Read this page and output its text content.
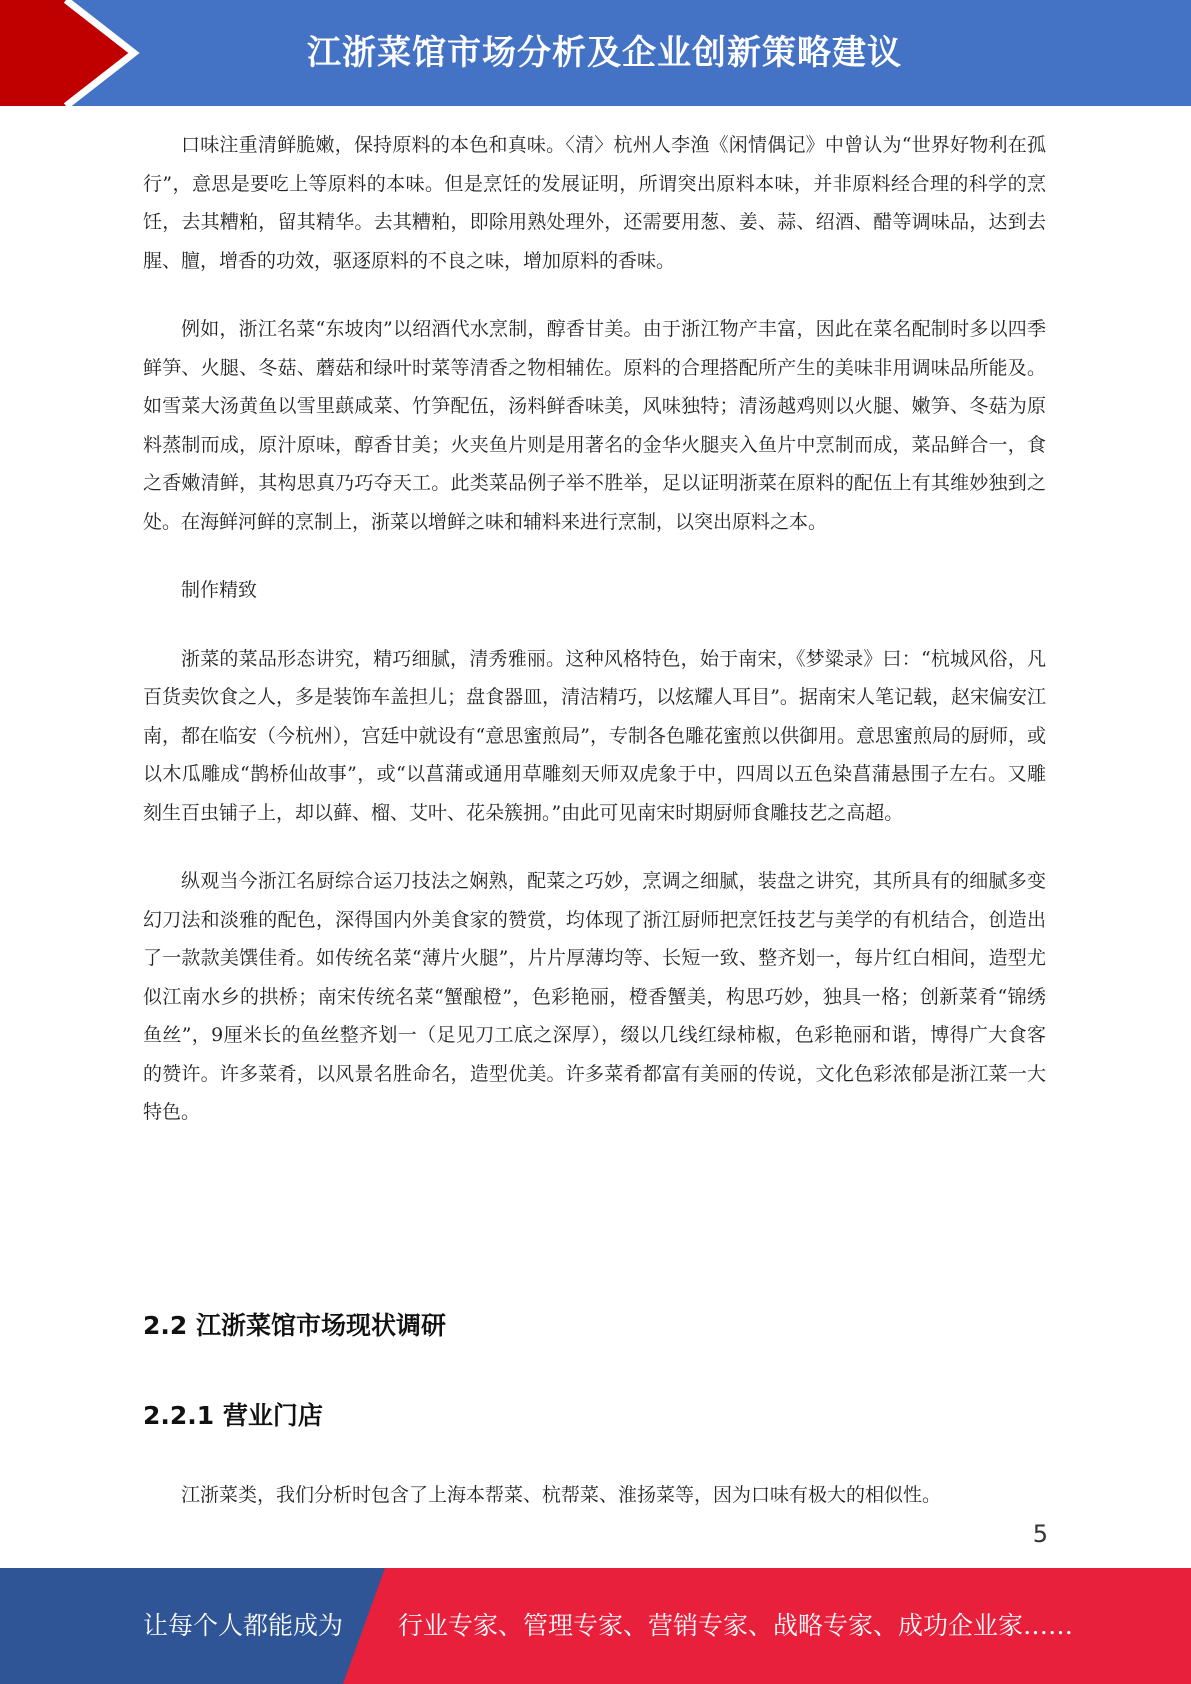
江浙菜馆市场分析及企业创新策略建议

口味注重清鲜脆嫩，保持原料的本色和真味。〈清〉杭州人李渔《闲情偶记》中曾认为“世界好物利在孤行”，意思是要吃上等原料的本味。但是烹饪的发展证明，所谓突出原料本味，并非原料经合理的科学的烹饪，去其糟粕，留其精华。去其糟粕，即除用熟处理外，还需要用葱、姜、蒜、绍酒、醋等调味品，达到去腥、膻，增香的功效，驱逐原料的不良之味，增加原料的香味。

例如，浙江名菜“东坡肉”以绍酒代水烹制，醇香甘美。由于浙江物产丰富，因此在菜名配制时多以四季鲜笋、火腿、冬菇、蘑菇和绿叶时菜等清香之物相辅佐。原料的合理搭配所产生的美味非用调味品所能及。如雪菜大汤黄鱼以雪里蕻咸菜、竹笋配伍，汤料鲜香味美，风味独特；清汤越鸡则以火腿、嫩笋、冬菇为原料蒸制而成，原汁原味，醇香甘美；火夹鱼片则是用著名的金华火腿夹入鱼片中烹制而成，菜品鲜合一，食之香嫩清鲜，其构思真乃巧夺天工。此类菜品例子举不胜举，足以证明浙菜在原料的配伍上有其维妙独到之处。在海鲜河鲜的烹制上，浙菜以增鲜之味和辅料来进行烹制，以突出原料之本。

制作精致

浙菜的菜品形态讲究，精巧细腻，清秀雅丽。这种风格特色，始于南宋，《梦粱录》曰：“杭城风俗，凡百货卖饮食之人，多是装饰车盖担儿；盘食器皿，清洁精巧，以炫耀人耳目”。据南宋人笔记载，赵宋偏安江南，都在临安（今杭州），宫廷中就设有“意思蜜煎局”，专制各色雕花蜜煎以供御用。意思蜜煎局的厨师，或以木瓜雕成“鹊桥仙故事”，或“以菖蒲或通用草雕刻天师双虎象于中，四周以五色染菖蒲悬围子左右。又雕刻生百虫铺子上，却以藓、榴、艾叶、花朵簇拥。”由此可见南宋时期厨师食雕技艺之高超。

纵观当今浙江名厨综合运刀技法之娴熟，配菜之巧妙，烹调之细腻，装盘之讲究，其所具有的细腻多变幻刀法和淡雅的配色，深得国内外美食家的赞赏，均体现了浙江厨师把烹饪技艺与美学的有机结合，创造出了一款款美馔佳肴。如传统名菜“薄片火腿”，片片厚薄均等、长短一致、整齐划一，每片红白相间，造型尤似江南水乡的拱桥；南宋传统名菜“蟹酿橙”，色彩艳丽，橙香蟹美，构思巧妙，独具一格；创新菜肴“锦绣鱼丝”，9厘米长的鱼丝整齐划一（足见刀工底之深厚），缀以几线红绿柿椒，色彩艳丽和谐，博得广大食客的赞许。许多菜肴，以风景名胜命名，造型优美。许多菜肴都富有美丽的传说，文化色彩浓郁是浙江菜一大特色。

2.2 江浙菜馆市场现状调研
2.2.1 营业门店

江浙菜类，我们分析时包含了上海本帮菜、杭帮菜、淮扬菜等，因为口味有极大的相似性。

5
让每个人都能成为 行业专家、管理专家、营销专家、战略专家、成功企业家……
